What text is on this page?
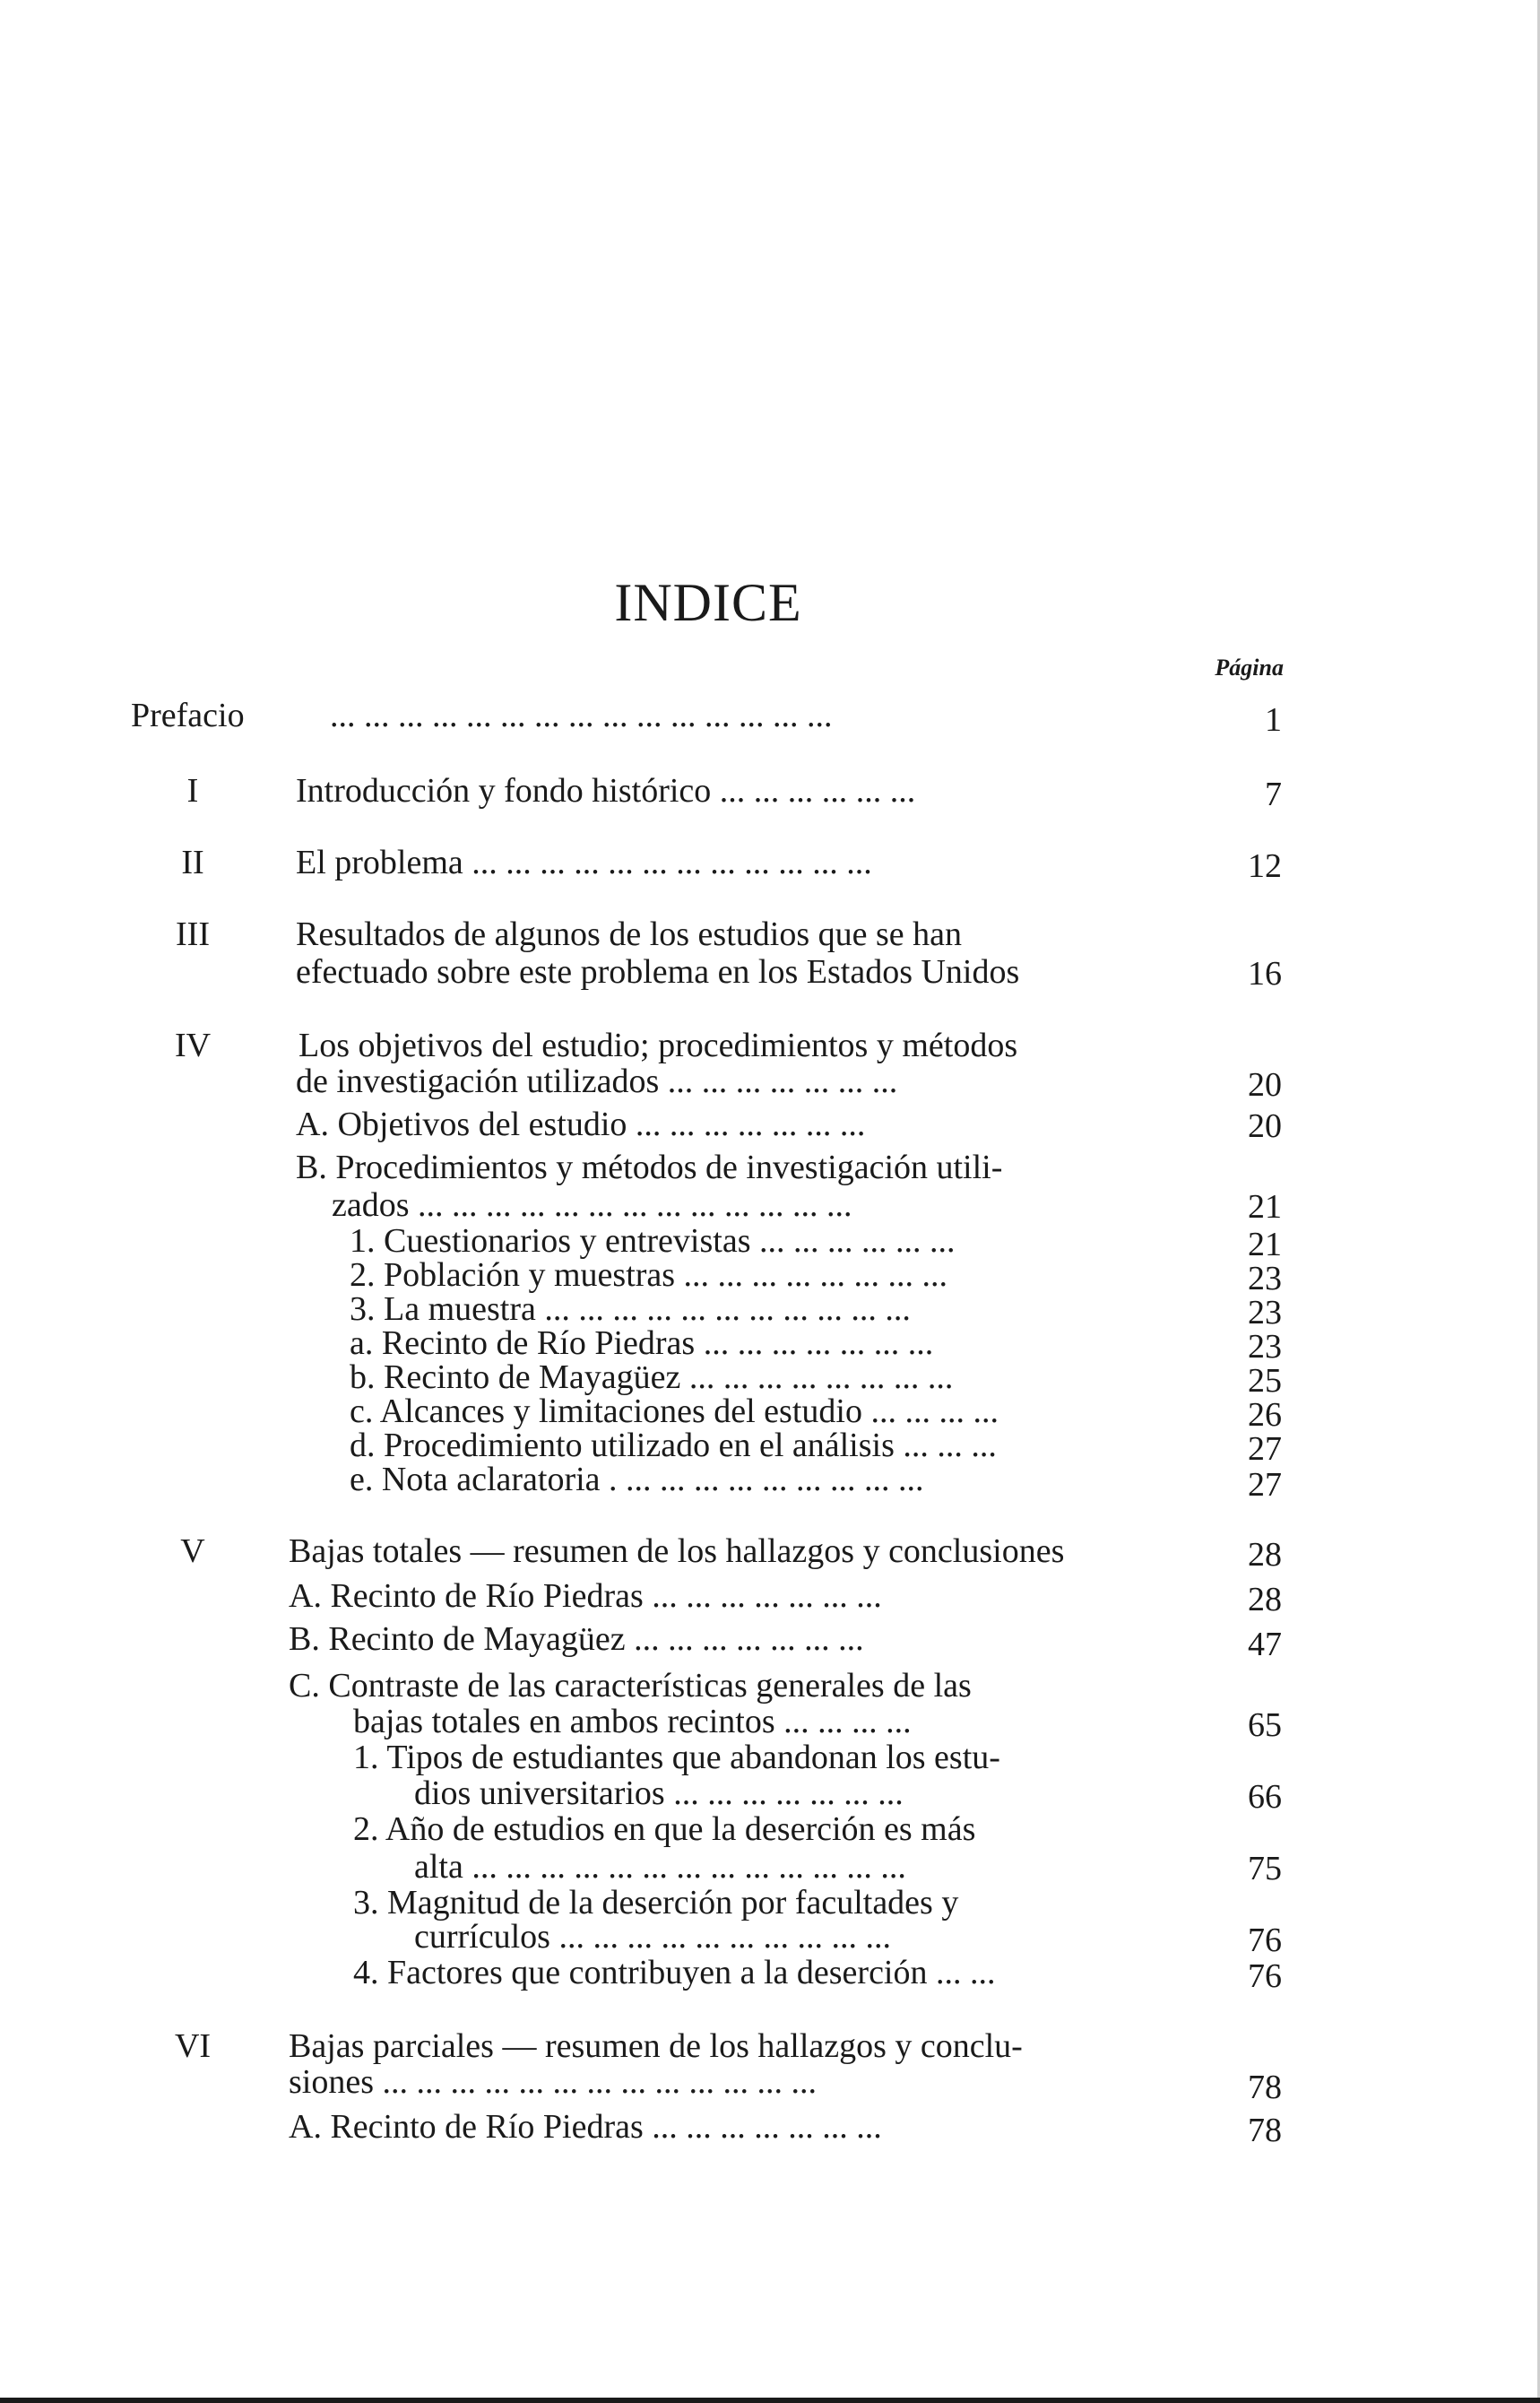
INDICE
Página
Prefacio	... ... ... ... ... ... ... ... ... ... ... ... ... ... ...	1
I	Introducción y fondo histórico ... ... ... ... ... ...	7
II	El problema ... ... ... ... ... ... ... ... ... ... ... ...	12
III	Resultados de algunos de los estudios que se han
efectuado sobre este problema en los Estados Unidos	16
IV	Los objetivos del estudio; procedimientos y métodos
de investigación utilizados ... ... ... ... ... ... ...	20
A. Objetivos del estudio ... ... ... ... ... ... ...	20
B. Procedimientos y métodos de investigación utili-
zados ... ... ... ... ... ... ... ... ... ... ... ... ...	21
1. Cuestionarios y entrevistas ... ... ... ... ... ...	21
2. Población y muestras ... ... ... ... ... ... ... ...	23
3. La muestra ... ... ... ... ... ... ... ... ... ... ...	23
a. Recinto de Río Piedras ... ... ... ... ... ... ...	23
b. Recinto de Mayagüez ... ... ... ... ... ... ... ...	25
c. Alcances y limitaciones del estudio ... ... ... ...	26
d. Procedimiento utilizado en el análisis ... ... ...	27
e. Nota aclaratoria . ... ... ... ... ... ... ... ... ...	27
V	Bajas totales — resumen de los hallazgos y conclusiones	28
A. Recinto de Río Piedras ... ... ... ... ... ... ...	28
B. Recinto de Mayagüez ... ... ... ... ... ... ...	47
C. Contraste de las características generales de las
bajas totales en ambos recintos ... ... ... ...	65
1. Tipos de estudiantes que abandonan los estu-
dios universitarios ... ... ... ... ... ... ...	66
2. Año de estudios en que la deserción es más
alta ... ... ... ... ... ... ... ... ... ... ... ... ...	75
3. Magnitud de la deserción por facultades y
currículos ... ... ... ... ... ... ... ... ... ...	76
4. Factores que contribuyen a la deserción ... ...	76
VI	Bajas parciales — resumen de los hallazgos y conclu-
siones ... ... ... ... ... ... ... ... ... ... ... ... ...	78
A. Recinto de Río Piedras ... ... ... ... ... ... ...	78
